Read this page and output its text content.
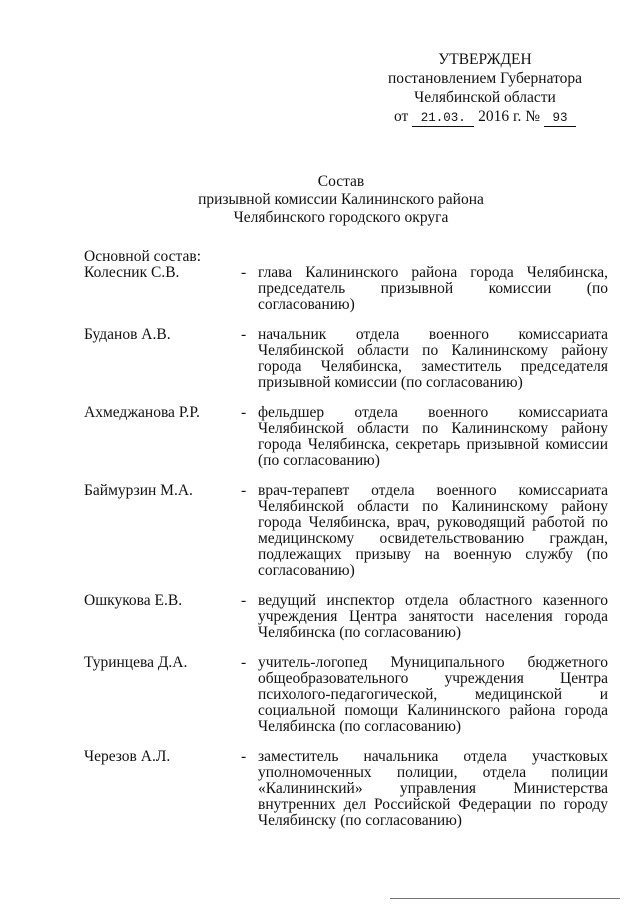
УТВЕРЖДЕН
постановлением Губернатора
Челябинской области
от 21.03. 2016 г. № 93
Состав
призывной комиссии Калининского района
Челябинского городского округа
Основной состав:
Колесник С.В.	- глава Калининского района города Челябинска, председатель призывной комиссии (по согласованию)
Буданов А.В.	- начальник отдела военного комиссариата Челябинской области по Калининскому району города Челябинска, заместитель председателя призывной комиссии (по согласованию)
Ахмеджанова Р.Р.	- фельдшер отдела военного комиссариата Челябинской области по Калининскому району города Челябинска, секретарь призывной комиссии (по согласованию)
Баймурзин М.А.	- врач-терапевт отдела военного комиссариата Челябинской области по Калининскому району города Челябинска, врач, руководящий работой по медицинскому освидетельствованию граждан, подлежащих призыву на военную службу (по согласованию)
Ошкукова Е.В.	- ведущий инспектор отдела областного казенного учреждения Центра занятости населения города Челябинска (по согласованию)
Туринцева Д.А.	- учитель-логопед Муниципального бюджетного общеобразовательного учреждения Центра психолого-педагогической, медицинской и социальной помощи Калининского района города Челябинска (по согласованию)
Черезов А.Л.	- заместитель начальника отдела участковых уполномоченных полиции, отдела полиции «Калининский» управления Министерства внутренних дел Российской Федерации по городу Челябинску (по согласованию)
